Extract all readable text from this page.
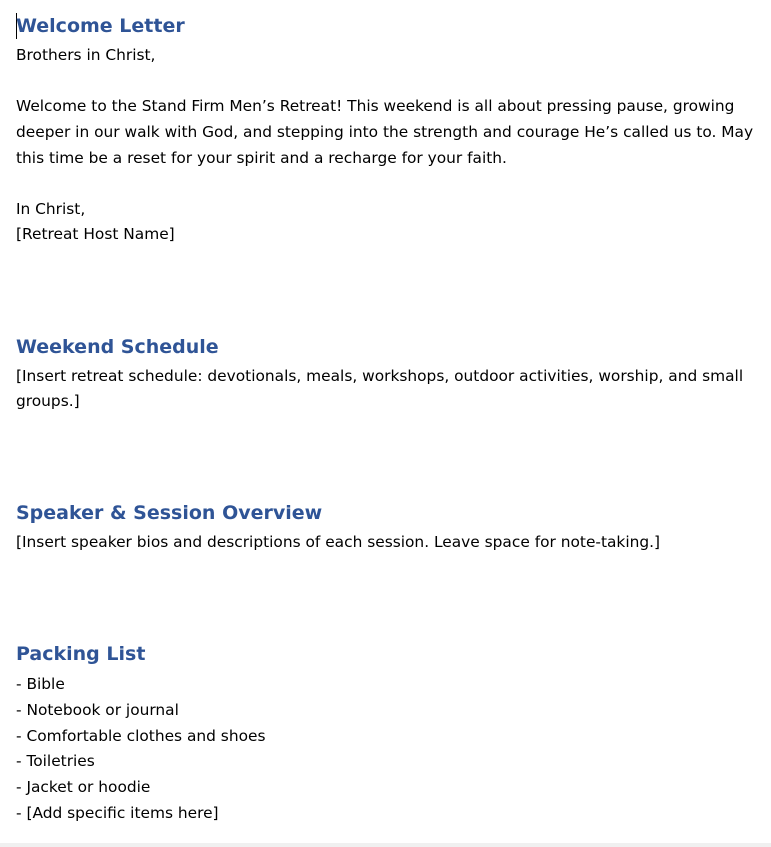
Welcome Letter

Brothers in Christ,

Welcome to the Stand Firm Men’s Retreat! This weekend is all about pressing pause, growing

deeper in our walk with God, and stepping into the strength and courage He’s called us to. May

this time be a reset for your spirit and a recharge for your faith.

In Christ,

[Retreat Host Name]

Weekend Schedule

[Insert retreat schedule: devotionals, meals, workshops, outdoor activities, worship, and small

groups.]

Speaker & Session Overview

[Insert speaker bios and descriptions of each session. Leave space for note-taking.]

Packing List
- Bible
- Notebook or journal
- Comfortable clothes and shoes
- Toiletries
- Jacket or hoodie
- [Add specific items here]
